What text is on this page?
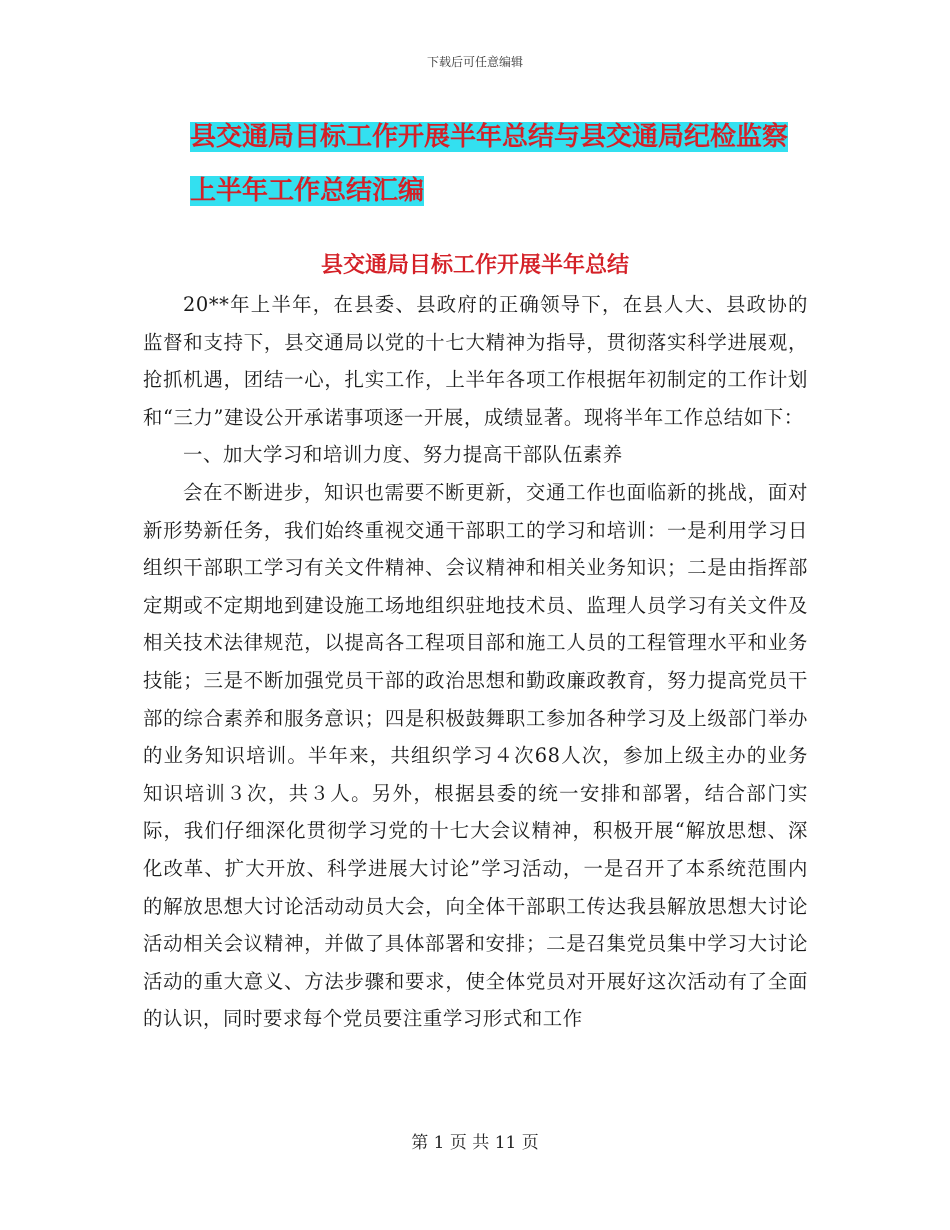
下载后可任意编辑
县交通局目标工作开展半年总结与县交通局纪检监察
上半年工作总结汇编
县交通局目标工作开展半年总结

20**年上半年，在县委、县政府的正确领导下，在县人大、县政协的监督和支持下，县交通局以党的十七大精神为指导，贯彻落实科学进展观，抢抓机遇，团结一心，扎实工作，上半年各项工作根据年初制定的工作计划和“三力”建设公开承诺事项逐一开展，成绩显著。现将半年工作总结如下：

一、加大学习和培训力度、努力提高干部队伍素养

会在不断进步，知识也需要不断更新，交通工作也面临新的挑战，面对新形势新任务，我们始终重视交通干部职工的学习和培训：一是利用学习日组织干部职工学习有关文件精神、会议精神和相关业务知识；二是由指挥部定期或不定期地到建设施工场地组织驻地技术员、监理人员学习有关文件及相关技术法律规范，以提高各工程项目部和施工人员的工程管理水平和业务技能；三是不断加强党员干部的政治思想和勤政廉政教育，努力提高党员干部的综合素养和服务意识；四是积极鼓舞职工参加各种学习及上级部门举办的业务知识培训。半年来，共组织学习４次68人次，参加上级主办的业务知识培训３次，共３人。另外，根据县委的统一安排和部署，结合部门实际，我们仔细深化贯彻学习党的十七大会议精神，积极开展“解放思想、深化改革、扩大开放、科学进展大讨论”学习活动，一是召开了本系统范围内的解放思想大讨论活动动员大会，向全体干部职工传达我县解放思想大讨论活动相关会议精神，并做了具体部署和安排；二是召集党员集中学习大讨论活动的重大意义、方法步骤和要求，使全体党员对开展好这次活动有了全面的认识，同时要求每个党员要注重学习形式和工作

第 1 页 共 11 页
